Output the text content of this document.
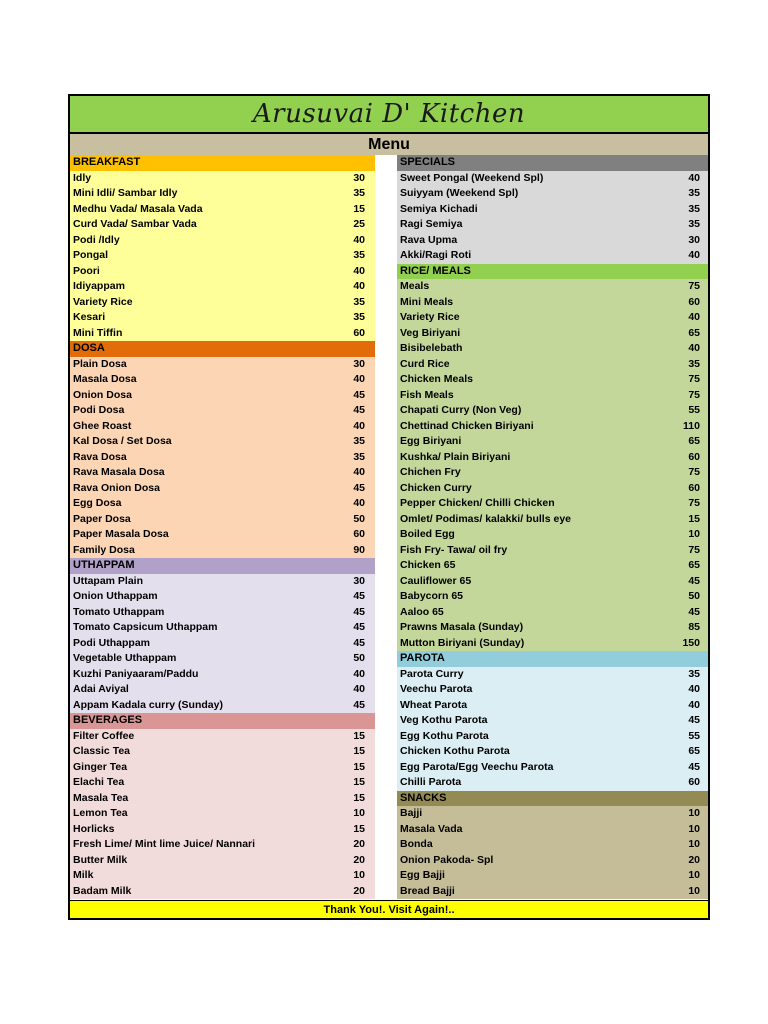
Arusuvai D' Kitchen
Menu
BREAKFAST
Idly	30
Mini Idli/ Sambar Idly	35
Medhu Vada/ Masala Vada	15
Curd Vada/ Sambar Vada	25
Podi /Idly	40
Pongal	35
Poori	40
Idiyappam	40
Variety Rice	35
Kesari	35
Mini Tiffin	60
DOSA
Plain Dosa	30
Masala Dosa	40
Onion Dosa	45
Podi Dosa	45
Ghee Roast	40
Kal Dosa / Set Dosa	35
Rava Dosa	35
Rava Masala Dosa	40
Rava Onion Dosa	45
Egg Dosa	40
Paper Dosa	50
Paper Masala Dosa	60
Family Dosa	90
UTHAPPAM
Uttapam Plain	30
Onion Uthappam	45
Tomato Uthappam	45
Tomato Capsicum Uthappam	45
Podi Uthappam	45
Vegetable Uthappam	50
Kuzhi Paniyaaram/Paddu	40
Adai Aviyal	40
Appam Kadala curry (Sunday)	45
BEVERAGES
Filter Coffee	15
Classic Tea	15
Ginger Tea	15
Elachi Tea	15
Masala Tea	15
Lemon Tea	10
Horlicks	15
Fresh Lime/ Mint lime Juice/ Nannari	20
Butter Milk	20
Milk	10
Badam Milk	20
SPECIALS
Sweet Pongal (Weekend Spl)	40
Suiyyam (Weekend Spl)	35
Semiya Kichadi	35
Ragi Semiya	35
Rava Upma	30
Akki/Ragi Roti	40
RICE/ MEALS
Meals	75
Mini Meals	60
Variety Rice	40
Veg Biriyani	65
Bisibelebath	40
Curd Rice	35
Chicken Meals	75
Fish Meals	75
Chapati Curry (Non Veg)	55
Chettinad Chicken Biriyani	110
Egg Biriyani	65
Kushka/ Plain Biriyani	60
Chichen Fry	75
Chicken Curry	60
Pepper Chicken/ Chilli Chicken	75
Omlet/ Podimas/ kalakki/ bulls eye	15
Boiled Egg	10
Fish Fry- Tawa/ oil fry	75
Chicken 65	65
Cauliflower 65	45
Babycorn 65	50
Aaloo 65	45
Prawns Masala (Sunday)	85
Mutton Biriyani (Sunday)	150
PAROTA
Parota Curry	35
Veechu Parota	40
Wheat Parota	40
Veg Kothu Parota	45
Egg Kothu Parota	55
Chicken Kothu Parota	65
Egg Parota/Egg Veechu Parota	45
Chilli Parota	60
SNACKS
Bajji	10
Masala Vada	10
Bonda	10
Onion Pakoda- Spl	20
Egg Bajji	10
Bread Bajji	10
Thank You!. Visit Again!..
